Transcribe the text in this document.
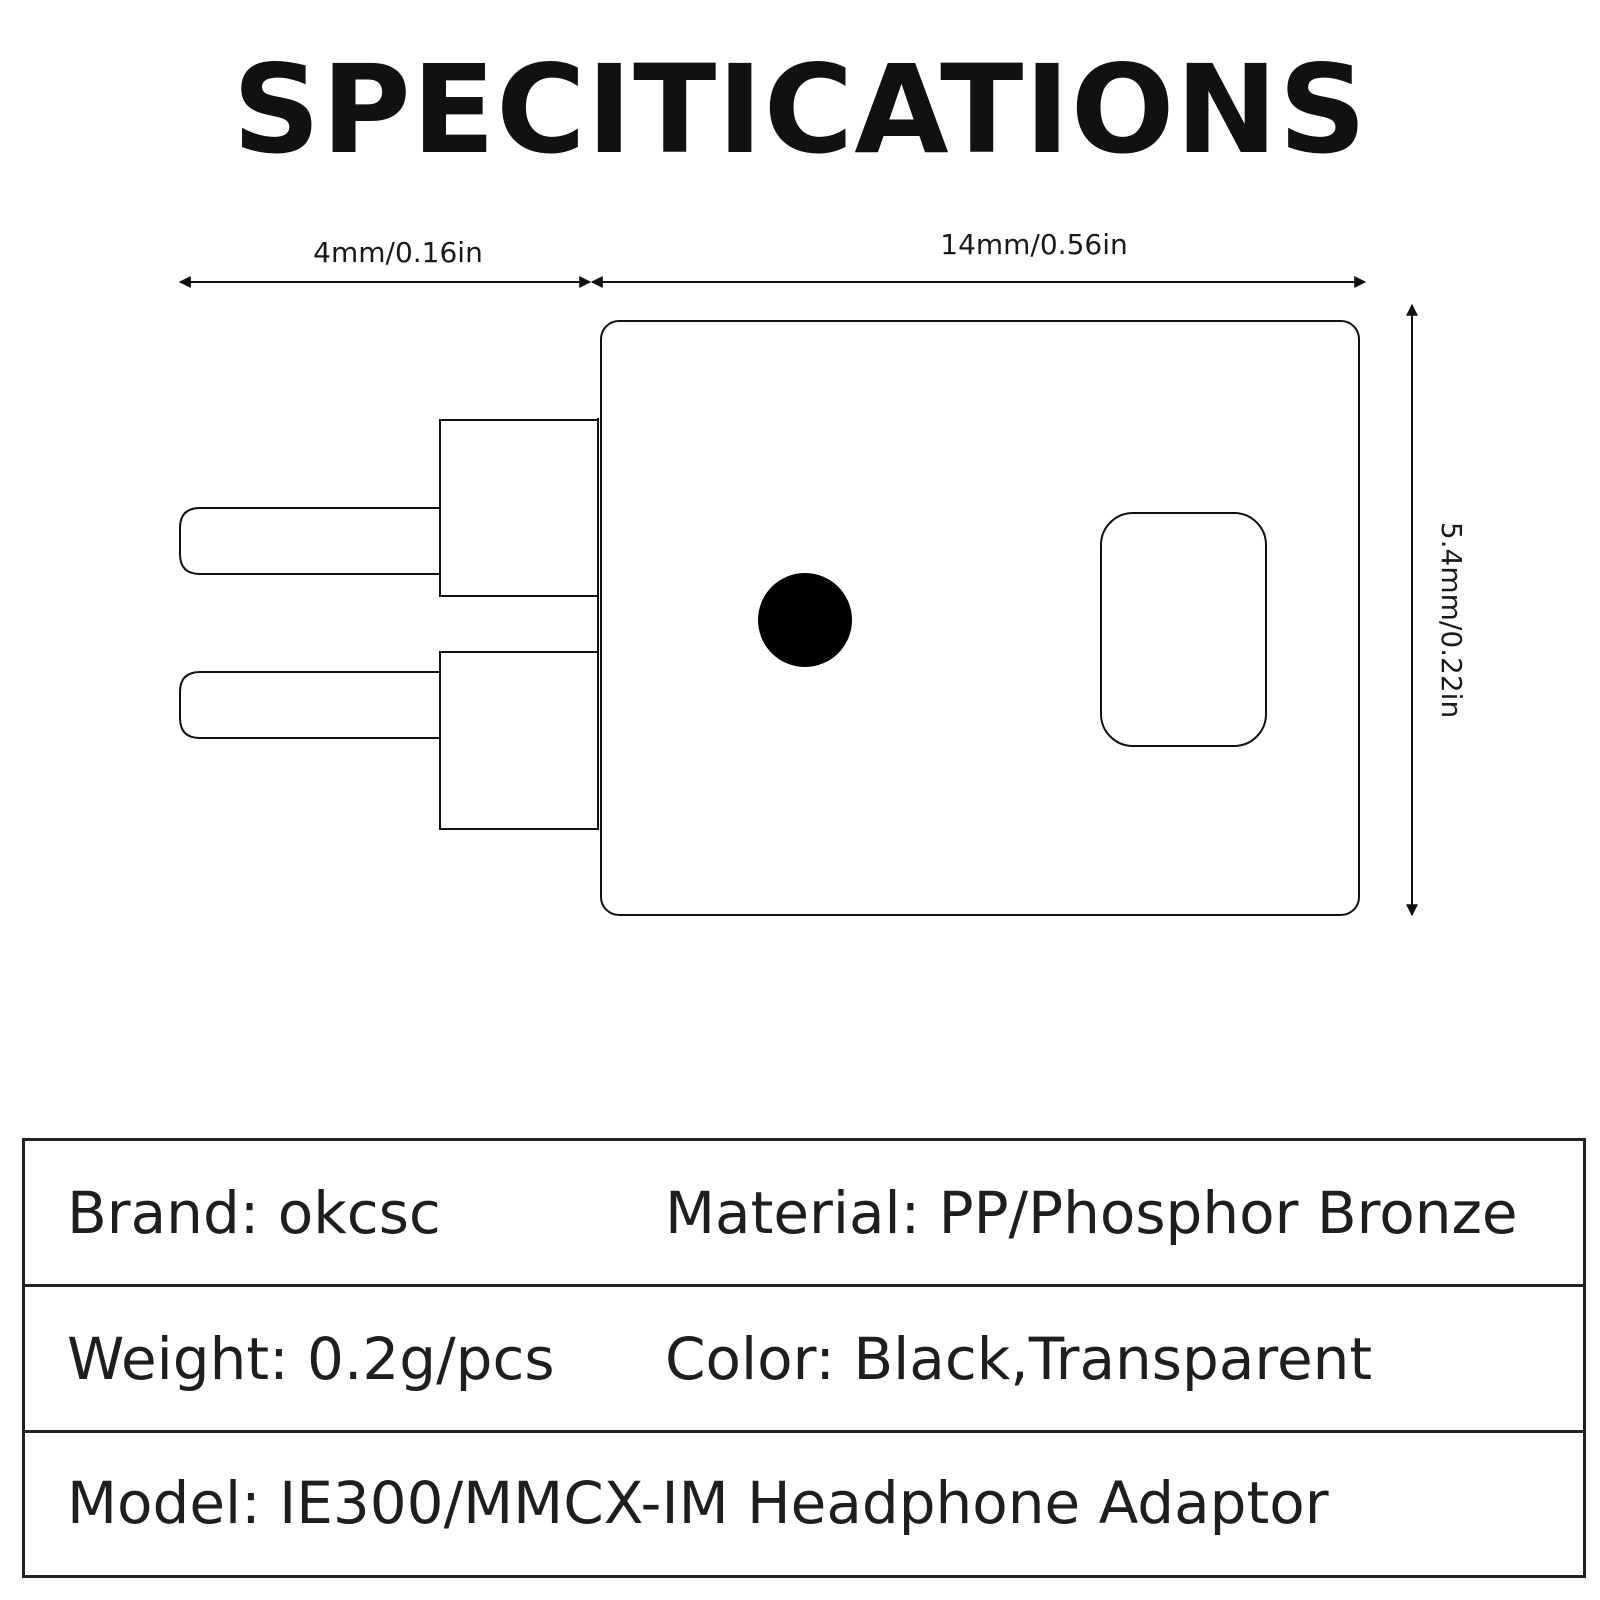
SPECITICATIONS
4mm/0.16in	14mm/0.56in
5.4mm/0.22in
Brand: okcsc	Material: PP/Phosphor Bronze
Weight: 0.2g/pcs Color: Black,Transparent
Model: IE300/MMCX-IM Headphone Adaptor
